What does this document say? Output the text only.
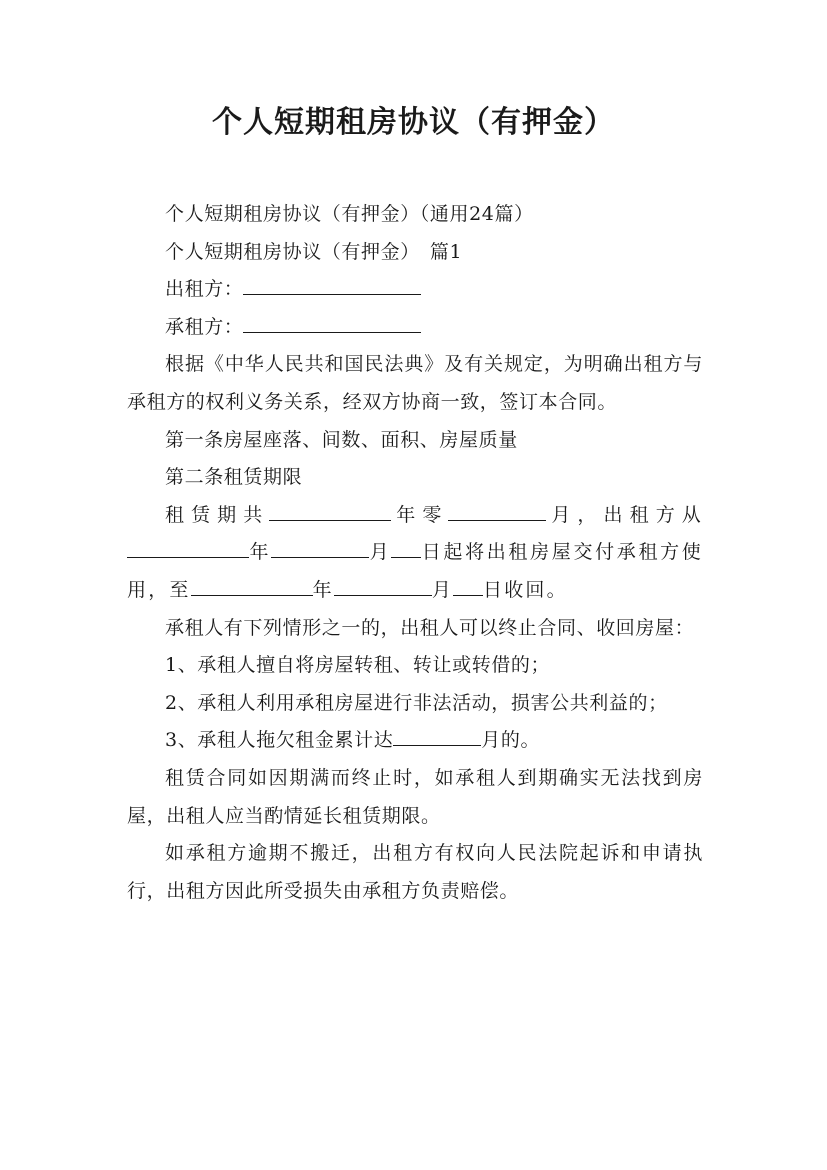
个人短期租房协议（有押金）

个人短期租房协议（有押金）（通用24篇）

个人短期租房协议（有押金）　篇1

出租方：

承租方：

根据《中华人民共和国民法典》及有关规定，为明确出租方与承租方的权利义务关系，经双方协商一致，签订本合同。

第一条房屋座落、间数、面积、房屋质量

第二条租赁期限

租赁期共	年零	月，出租方从年	月 日起将出租房屋交付承租方使用，至	年	月 日收回。

承租人有下列情形之一的，出租人可以终止合同、收回房屋：

1、承租人擅自将房屋转租、转让或转借的；

2、承租人利用承租房屋进行非法活动，损害公共利益的；

3、承租人拖欠租金累计达	月的。

租赁合同如因期满而终止时，如承租人到期确实无法找到房屋，出租人应当酌情延长租赁期限。

如承租方逾期不搬迁，出租方有权向人民法院起诉和申请执行，出租方因此所受损失由承租方负责赔偿。
